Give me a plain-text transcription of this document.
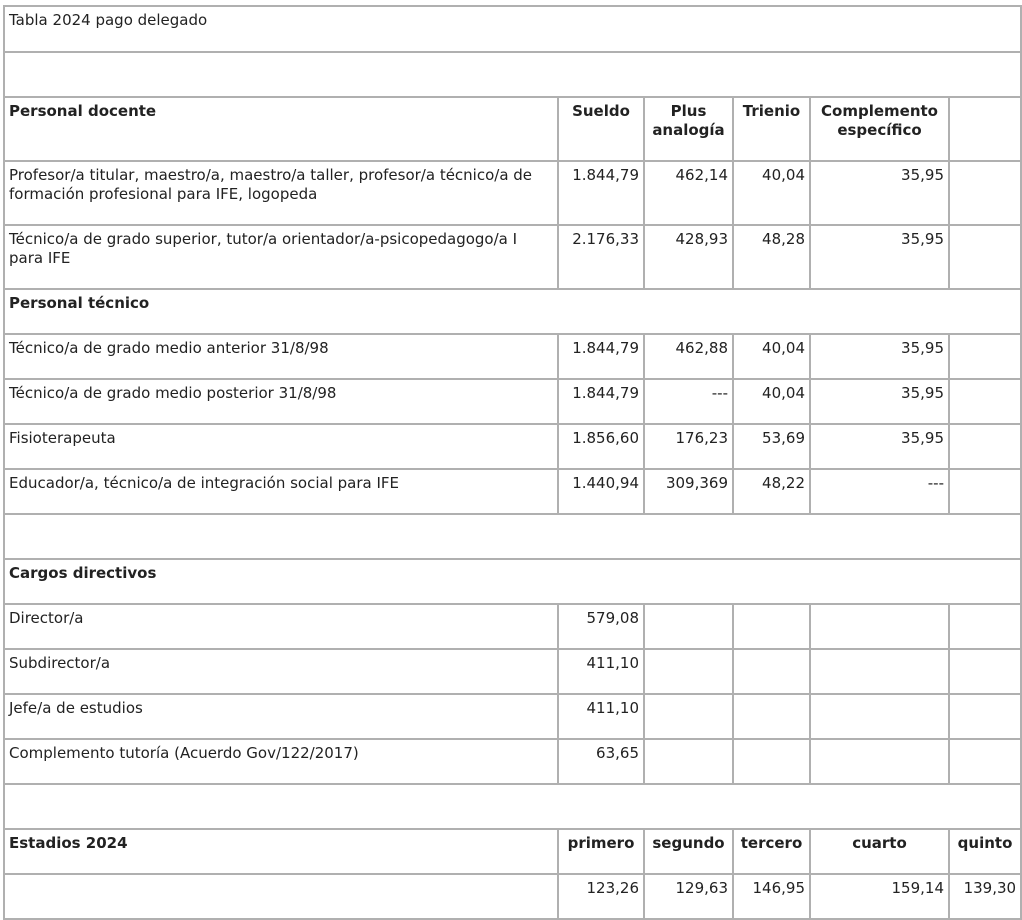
Tabla 2024 pago delegado					

Personal docente	Sueldo	Plus analogía	Trienio	Complemento específico	
Profesor/a titular, maestro/a, maestro/a taller, profesor/a técnico/a de formación profesional para IFE, logopeda	1.844,79	462,14	40,04	35,95	
Técnico/a de grado superior, tutor/a orientador/a-psicopedagogo/a I para IFE	2.176,33	428,93	48,28	35,95	
Personal técnico					
Técnico/a de grado medio anterior 31/8/98	1.844,79	462,88	40,04	35,95	
Técnico/a de grado medio posterior 31/8/98	1.844,79	---	40,04	35,95	
Fisioterapeuta	1.856,60	176,23	53,69	35,95	
Educador/a, técnico/a de integración social para IFE	1.440,94	309,369	48,22	---	

Cargos directivos					
Director/a	579,08				
Subdirector/a	411,10				
Jefe/a de estudios	411,10				
Complemento tutoría (Acuerdo Gov/122/2017)	63,65				

Estadios 2024	primero	segundo	tercero	cuarto	quinto
	123,26	129,63	146,95	159,14	139,30
